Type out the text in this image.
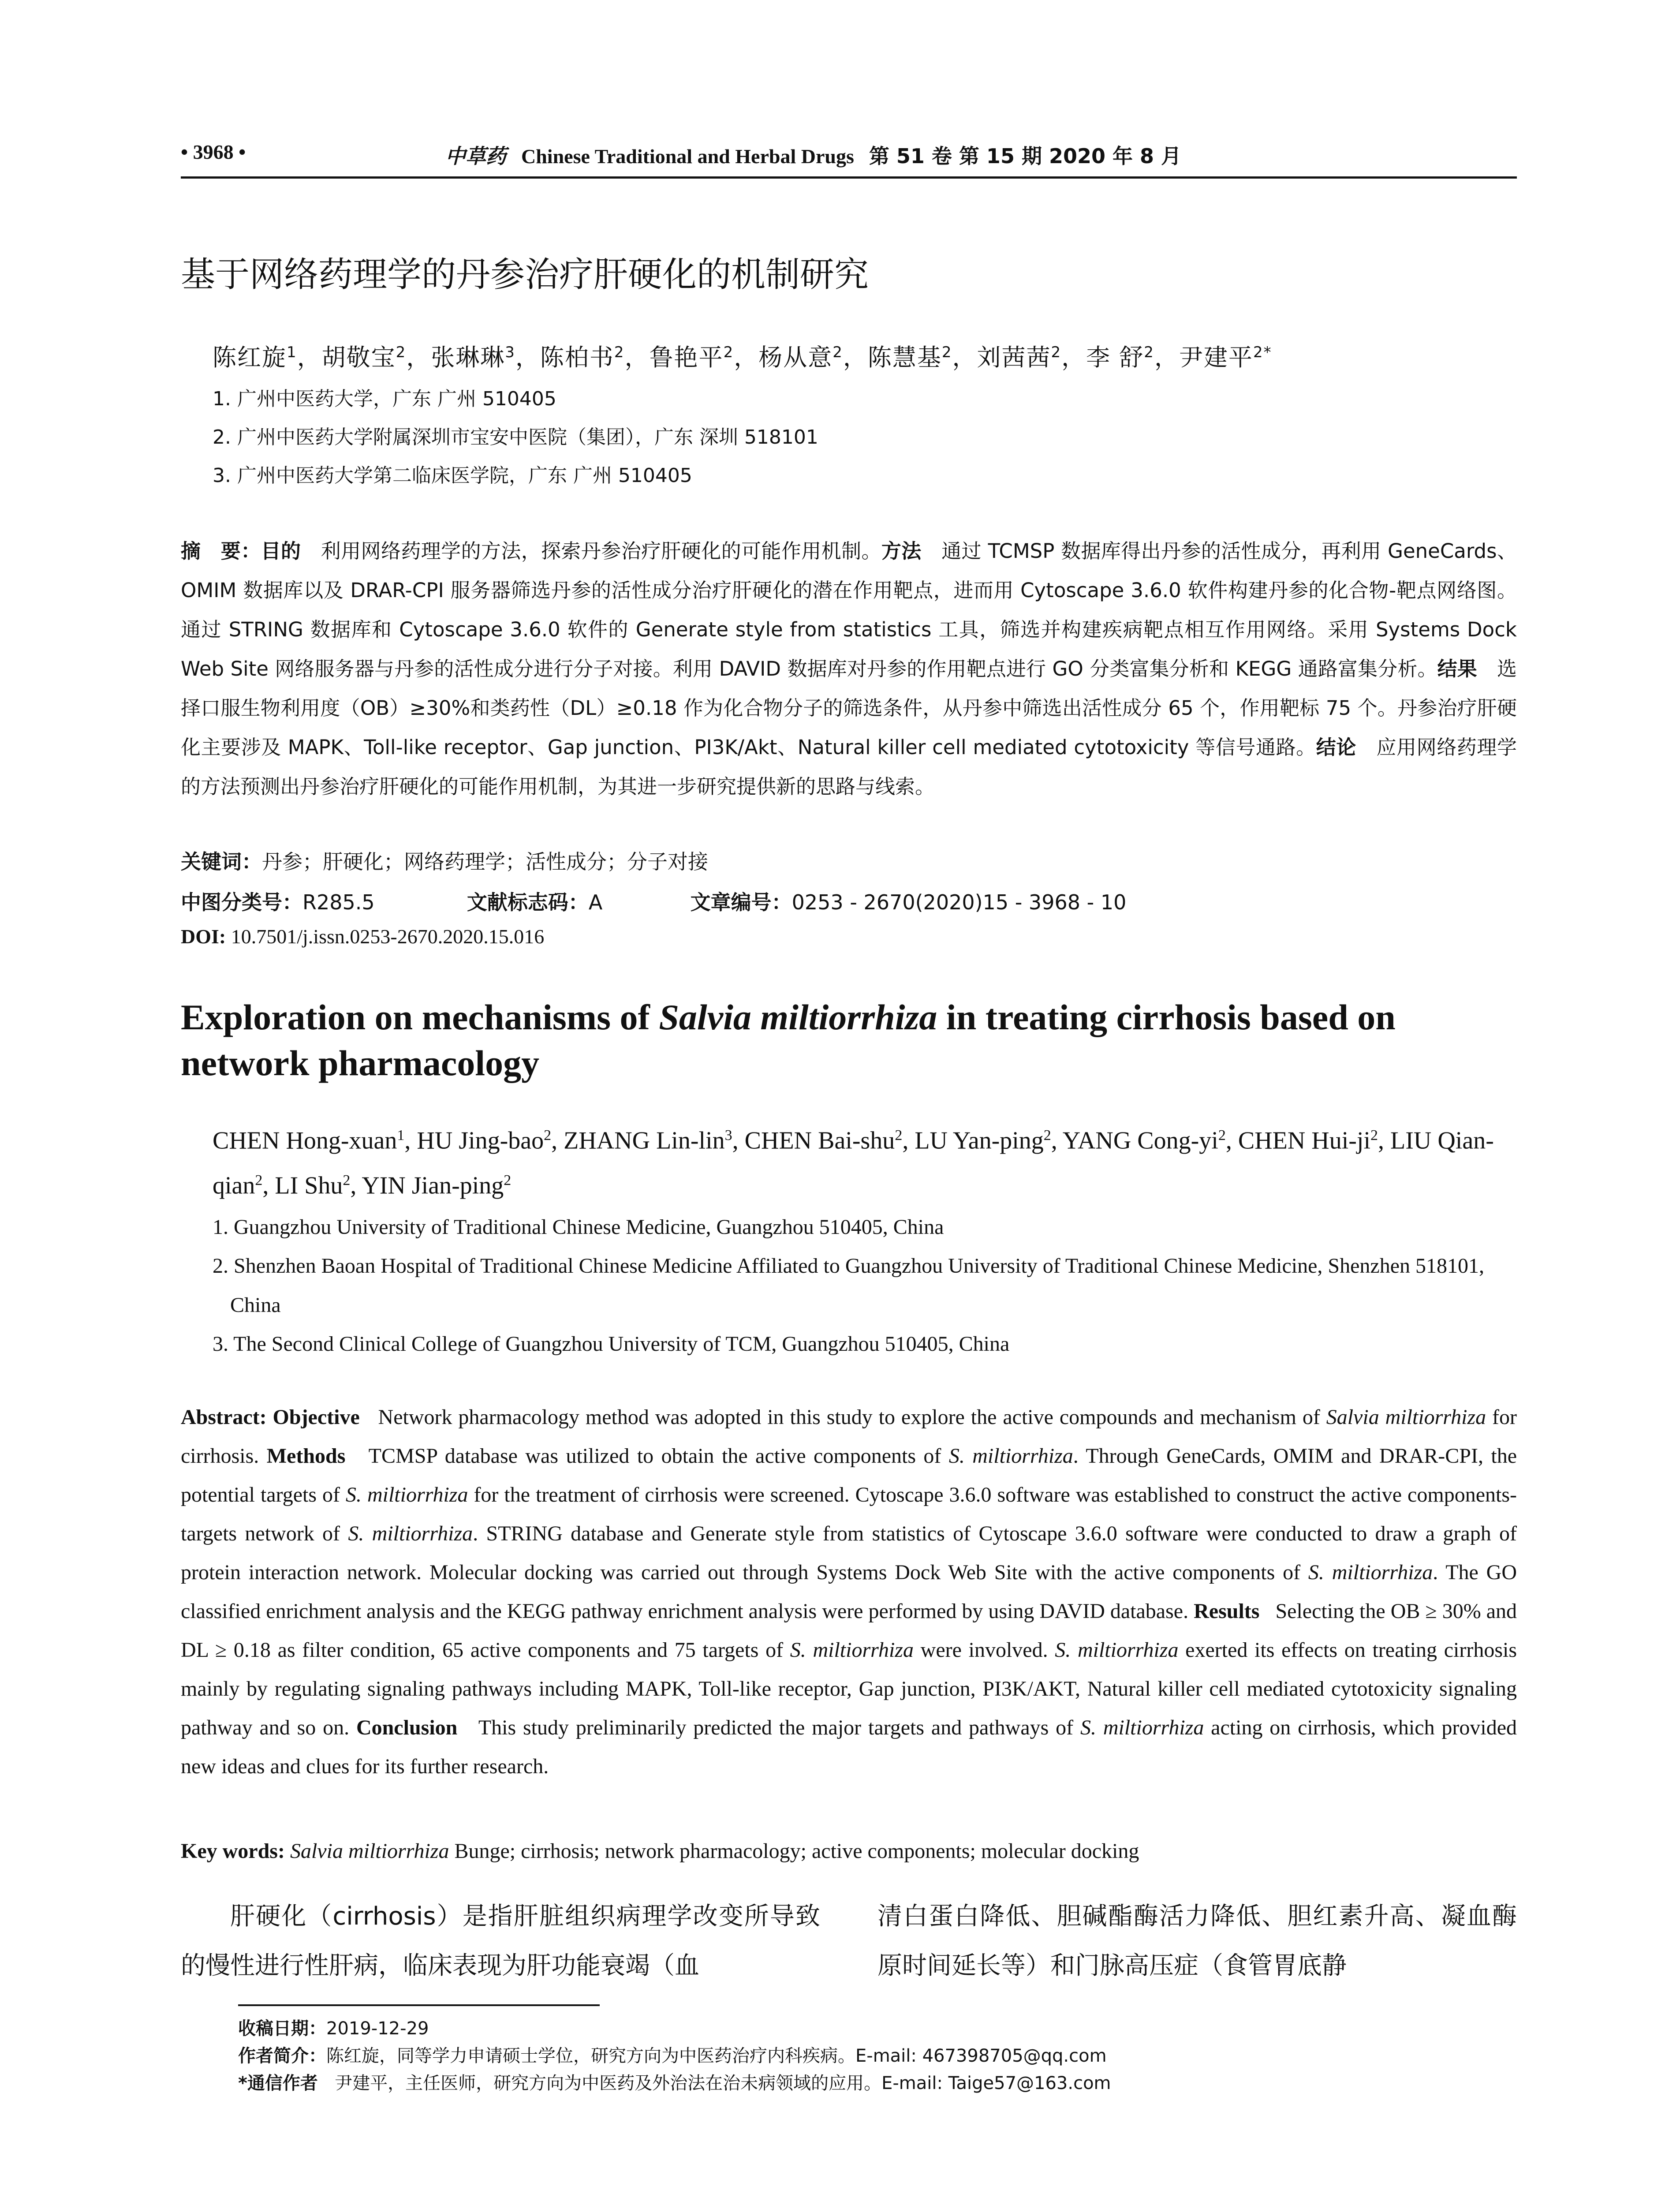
• 3968 •	中草药 Chinese Traditional and Herbal Drugs 第 51 卷 第 15 期 2020 年 8 月
基于网络药理学的丹参治疗肝硬化的机制研究
陈红旋$^1$，胡敬宝$^2$，张琳琳$^3$，陈柏书$^2$，鲁艳平$^2$，杨从意$^2$，陈慧基$^2$，刘茜茜$^2$，李 舒$^2$，尹建平$^{2*}$
1. 广州中医药大学，广东 广州 510405
2. 广州中医药大学附属深圳市宝安中医院（集团），广东 深圳 518101
3. 广州中医药大学第二临床医学院，广东 广州 510405
摘　要：目的　 利用网络药理学的方法，探索丹参治疗肝硬化的可能作用机制。方法　 通过 TCMSP 数据库得出丹参的活性成分，再利用 GeneCards、OMIM 数据库以及 DRAR-CPI 服务器筛选丹参的活性成分治疗肝硬化的潜在作用靶点，进而用 Cytoscape 3.6.0 软件构建丹参的化合物-靶点网络图。通过 STRING 数据库和 Cytoscape 3.6.0 软件的 Generate style from statistics 工具，筛选并构建疾病靶点相互作用网络。采用 Systems Dock Web Site 网络服务器与丹参的活性成分进行分子对接。利用 DAVID 数据库对丹参的作用靶点进行 GO 分类富集分析和 KEGG 通路富集分析。结果　 选择口服生物利用度（OB）≥30%和类药性（DL）≥0.18 作为化合物分子的筛选条件，从丹参中筛选出活性成分 65 个，作用靶标 75 个。丹参治疗肝硬化主要涉及 MAPK、Toll-like receptor、Gap junction、PI3K/Akt、Natural killer cell mediated cytotoxicity 等信号通路。结论　 应用网络药理学的方法预测出丹参治疗肝硬化的可能作用机制，为其进一步研究提供新的思路与线索。
关键词：丹参；肝硬化；网络药理学；活性成分；分子对接
中图分类号：R285.5	文献标志码：A	文章编号：0253 - 2670(2020)15 - 3968 - 10
DOI: 10.7501/j.issn.0253-2670.2020.15.016
Exploration on mechanisms of Salvia miltiorrhiza in treating cirrhosis based on network pharmacology
CHEN Hong-xuan$^1$, HU Jing-bao$^2$, ZHANG Lin-lin$^3$, CHEN Bai-shu$^2$, LU Yan-ping$^2$, YANG Cong-$yi^2$, CHEN Hui-$ji^2$, LIU Qian-qian$^2$, LI Shu$^2$, YIN Jian-ping$^2$
1. Guangzhou University of Traditional Chinese Medicine, Guangzhou 510405, China
2. Shenzhen Baoan Hospital of Traditional Chinese Medicine Affiliated to Guangzhou University of Traditional Chinese Medicine, Shenzhen 518101, China
3. The Second Clinical College of Guangzhou University of TCM, Guangzhou 510405, China
Abstract: Objective Network pharmacology method was adopted in this study to explore the active compounds and mechanism of Salvia miltiorrhiza for cirrhosis. Methods TCMSP database was utilized to obtain the active components of S. miltiorrhiza. Through GeneCards, OMIM and DRAR-CPI, the potential targets of S. miltiorrhiza for the treatment of cirrhosis were screened. Cytoscape 3.6.0 software was established to construct the active components-targets network of S. miltiorrhiza. STRING database and Generate style from statistics of Cytoscape 3.6.0 software were conducted to draw a graph of protein interaction network. Molecular docking was carried out through Systems Dock Web Site with the active components of S. miltiorrhiza. The GO classified enrichment analysis and the KEGG pathway enrichment analysis were performed by using DAVID database. Results Selecting the OB ≥ 30% and DL ≥ 0.18 as filter condition, 65 active components and 75 targets of S. miltiorrhiza were involved. S. miltiorrhiza exerted its effects on treating cirrhosis mainly by regulating signaling pathways including MAPK, Toll-like receptor, Gap junction, PI3K/AKT, Natural killer cell mediated cytotoxicity signaling pathway and so on. Conclusion This study preliminarily predicted the major targets and pathways of S. miltiorrhiza acting on cirrhosis, which provided new ideas and clues for its further research.
Key words: Salvia miltiorrhiza Bunge; cirrhosis; network pharmacology; active components; molecular docking
肝硬化（cirrhosis）是指肝脏组织病理学改变所导致的慢性进行性肝病，临床表现为肝功能衰竭（血
清白蛋白降低、胆碱酯酶活力降低、胆红素升高、凝血酶原时间延长等）和门脉高压症（食管胃底静
收稿日期：2019-12-29
作者简介：陈红旋，同等学力申请硕士学位，研究方向为中医药治疗内科疾病。E-mail: 467398705@qq.com
*通信作者 尹建平，主任医师，研究方向为中医药及外治法在治未病领域的应用。E-mail: Taige57@163.com
